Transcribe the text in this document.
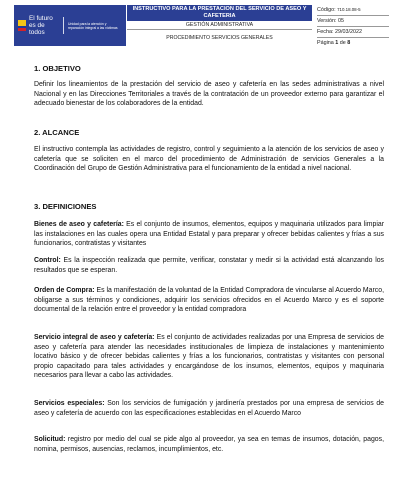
El futuro
es de todos
Unidad para la atención y reparación integral a las víctimas
INSTRUCTIVO PARA LA PRESTACION DEL SERVICIO DE ASEO Y CAFETERIA
GESTIÓN ADMINISTRATIVA
PROCEDIMIENTO SERVICIOS GENERALES
Código: 710.18.08-5
Versión: 05
Fecha: 29/03/2022
Página 1 de 8
1. OBJETIVO

Definir los lineamientos de la prestación del servicio de aseo y cafetería en las sedes administrativas a nivel Nacional y en las Direcciones Territoriales a través de la contratación de un proveedor externo para garantizar el adecuado bienestar de los colaboradores de la entidad.

2. ALCANCE

El instructivo contempla las actividades de registro, control y seguimiento a la atención de los servicios de aseo y cafetería que se soliciten en el marco del procedimiento de Administración de servicios Generales a la Coordinación del Grupo de Gestión Administrativa para el funcionamiento de la entidad a nivel nacional.

3. DEFINICIONES

Bienes de aseo y cafetería: Es el conjunto de insumos, elementos, equipos y maquinaria utilizados para limpiar las instalaciones en las cuales opera una Entidad Estatal y para preparar y ofrecer bebidas calientes y frías a sus funcionarios, contratistas y visitantes

Control: Es la inspección realizada que permite, verificar, constatar y medir si la actividad está alcanzando los resultados que se esperan.

Orden de Compra: Es la manifestación de la voluntad de la Entidad Compradora de vincularse al Acuerdo Marco, obligarse a sus términos y condiciones, adquirir los servicios ofrecidos en el Acuerdo Marco y es el soporte documental de la relación entre el proveedor y la entidad compradora

Servicio integral de aseo y cafetería: Es el conjunto de actividades realizadas por una Empresa de servicios de aseo y cafetería para atender las necesidades institucionales de limpieza de instalaciones y mantenimiento locativo básico y de ofrecer bebidas calientes y frías a los funcionarios, contratistas y visitantes con personal propio capacitado para tales actividades y encargándose de los insumos, elementos, equipos y maquinaria necesarios para llevar a cabo las actividades.

Servicios especiales: Son los servicios de fumigación y jardinería prestados por una empresa de servicios de aseo y cafetería de acuerdo con las especificaciones establecidas en el Acuerdo Marco

Solicitud: registro por medio del cual se pide algo al proveedor, ya sea en temas de insumos, dotación, pagos, nomina, permisos, ausencias, reclamos, incumplimientos, etc.
